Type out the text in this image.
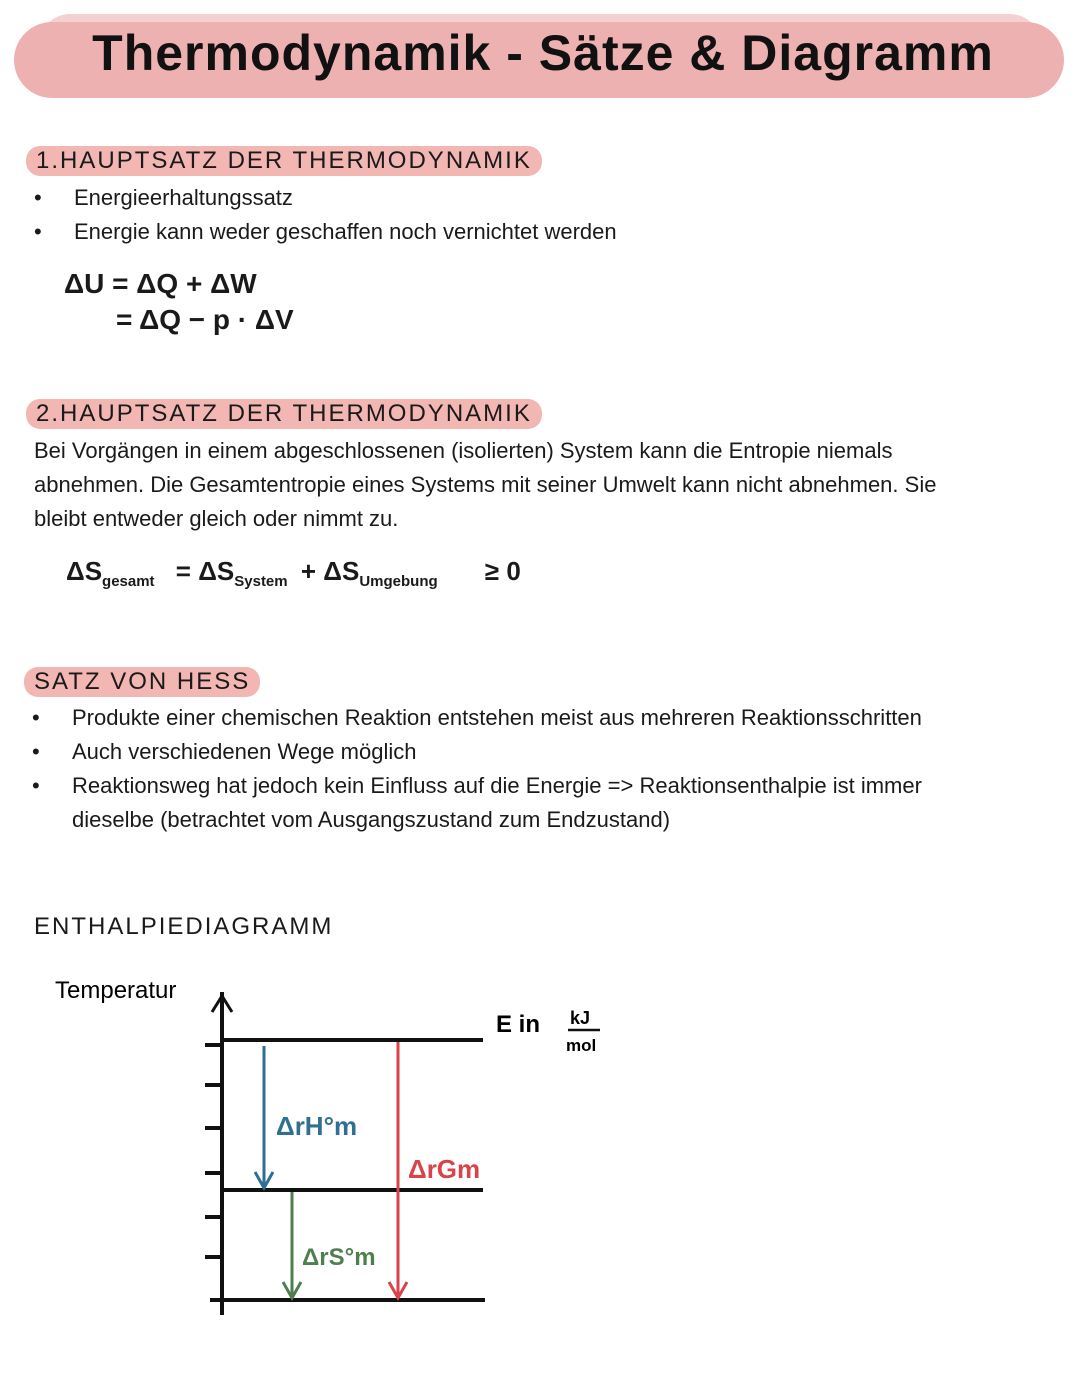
Thermodynamik - Sätze & Diagramm
1.HAUPTSATZ DER THERMODYNAMIK
• Energieerhaltungssatz
• Energie kann weder geschaffen noch vernichtet werden
ΔU = ΔQ + ΔW
= ΔQ − p · ΔV
2.HAUPTSATZ DER THERMODYNAMIK
Bei Vorgängen in einem abgeschlossenen (isolierten) System kann die Entropie niemals
abnehmen. Die Gesamtentropie eines Systems mit seiner Umwelt kann nicht abnehmen. Sie
bleibt entweder gleich oder nimmt zu.
$\Delta S_{gesamt} = \Delta S_{System} + \Delta S_{Umgebung} \ge 0$
SATZ VON HESS
• Produkte einer chemischen Reaktion entstehen meist aus mehreren Reaktionsschritten
• Auch verschiedenen Wege möglich
• Reaktionsweg hat jedoch kein Einfluss auf die Energie => Reaktionsenthalpie ist immer
dieselbe (betrachtet vom Ausgangszustand zum Endzustand)
ENTHALPIEDIAGRAMM
Temperatur
E in kJ
mol
ΔrH°m
ΔrGm
ΔrS°m
